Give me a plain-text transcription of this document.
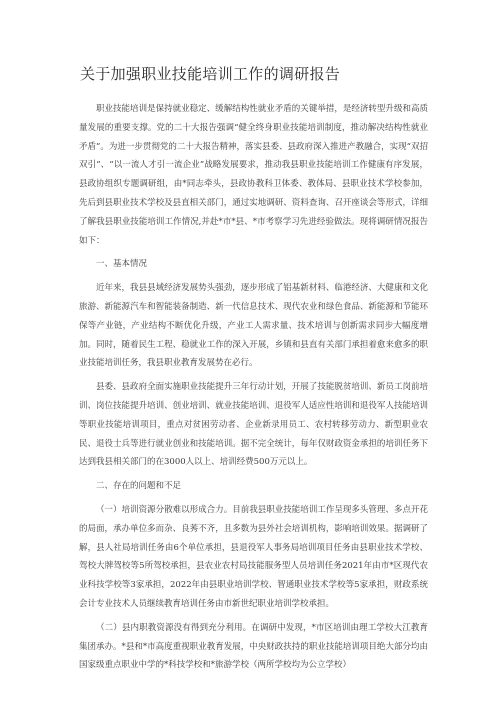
关于加强职业技能培训工作的调研报告

职业技能培训是保持就业稳定、缓解结构性就业矛盾的关键举措，是经济转型升级和高质量发展的重要支撑。党的二十大报告强调“健全终身职业技能培训制度，推动解决结构性就业矛盾”。为进一步贯彻党的二十大报告精神，落实县委、县政府深入推进产教融合，实现“双招双引”、“以一流人才引一流企业”战略发展要求，推动我县职业技能培训工作健康有序发展，县政协组织专题调研组，由*同志牵头，县政协教科卫体委、教体局、县职业技术学校参加，先后到县职业技术学校及县直相关部门，通过实地调研、资料查询、召开座谈会等形式，详细了解我县职业技能培训工作情况,并赴*市*县、*市考察学习先进经验做法。现将调研情况报告如下：

一、基本情况

近年来，我县县域经济发展势头强劲，逐步形成了铝基新材料、临港经济、大健康和文化旅游、新能源汽车和智能装备制造、新一代信息技术、现代农业和绿色食品、新能源和节能环保等产业链，产业结构不断优化升级，产业工人需求量、技术培训与创新需求同步大幅度增加。同时，随着民生工程、稳就业工作的深入开展，乡镇和县直有关部门承担着愈来愈多的职业技能培训任务，我县职业教育发展势在必行。

县委、县政府全面实施职业技能提升三年行动计划，开展了技能脱贫培训、新员工岗前培训、岗位技能提升培训、创业培训、就业技能培训、退役军人适应性培训和退役军人技能培训等职业技能培训项目，重点对贫困劳动者、企业新录用员工、农村转移劳动力、新型职业农民、退役士兵等进行就业创业和技能培训。据不完全统计，每年仅财政资金承担的培训任务下达到我县相关部门的在3000人以上、培训经费500万元以上。

二、存在的问题和不足

（一）培训资源分散难以形成合力。目前我县职业技能培训工作呈现多头管理、多点开花的局面，承办单位多而杂、良莠不齐，且多数为县外社会培训机构，影响培训效果。据调研了解，县人社局培训任务由6个单位承担，县退役军人事务局培训项目任务由县职业技术学校、驾校大牌驾校等5所驾校承担，县农业农村局技能服务型人员培训任务2021年由市*区现代农业科技学校等3家承担，2022年由县职业培训学校、智通职业技术学校等5家承担，财政系统会计专业技术人员继续教育培训任务由市新世纪职业培训学校承担。

（二）县内职教资源没有得到充分利用。在调研中发现，*市区培训由理工学校大江教育集团承办。*县和*市高度重视职业教育发展，中央财政扶持的职业技能培训项目绝大部分均由国家级重点职业中学的*科技学校和*旅游学校（两所学校均为公立学校）
